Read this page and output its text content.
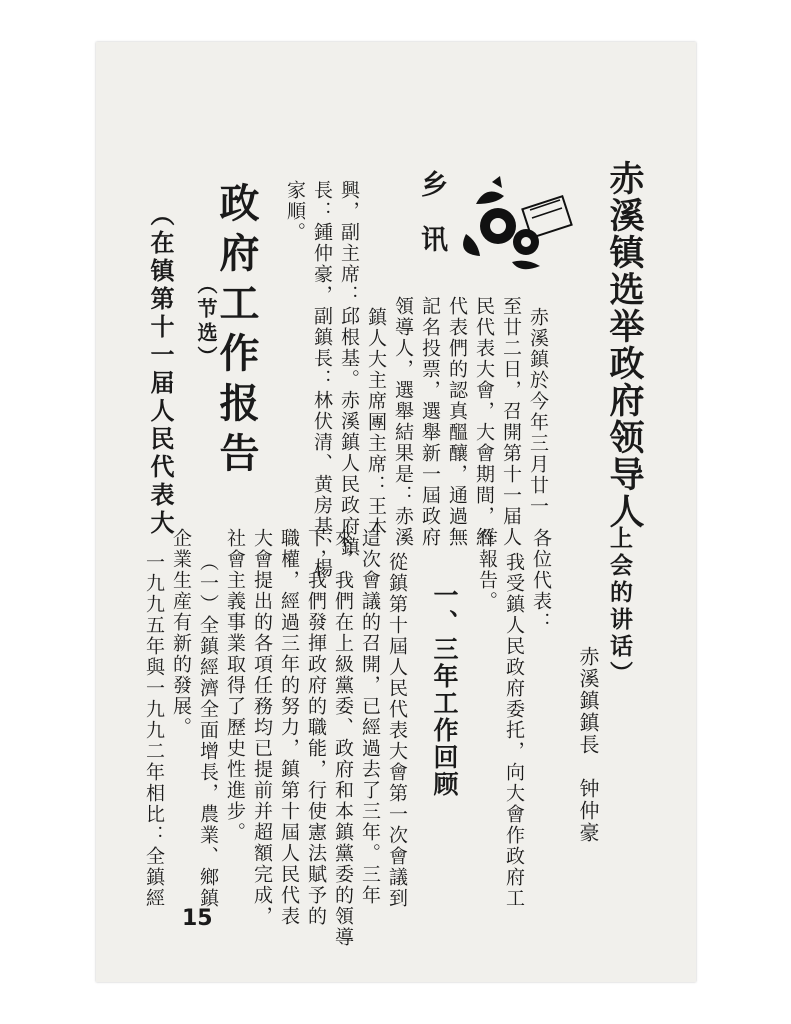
赤溪镇选举政府领导人
乡讯
赤溪鎮於今年三月廿一
至廿二日，召開第十一届人
民代表大會，大會期間，經
代表們的認真醞釀，通過無
記名投票，選舉新一屆政府
領導人，選舉結果是：赤溪
鎮人大主席團主席：王木
興，副主席：邱根基。赤溪鎮人民政府鎮
長：鍾仲豪，副鎮長：林伏清、黄房基、楊
家順。
政府工作报告
（节选）
（在镇第十一届人民代表大
上会的讲话）
赤溪鎮鎮長　钟仲豪
各位代表：
我受鎮人民政府委托，向大會作政府工
作報告。
一、三年工作回顾
從鎮第十屆人民代表大會第一次會議到
這次會議的召開，已經過去了三年。三年
來，我們在上級黨委、政府和本鎮黨委的領導
下，我們發揮政府的職能，行使憲法賦予的
職權，經過三年的努力，鎮第十屆人民代表
大會提出的各項任務均已提前并超額完成，
社會主義事業取得了歷史性進步。
（一）全鎮經濟全面增長，農業、鄉鎮
企業生産有新的發展。
一九九五年與一九九二年相比：全鎮經
15
